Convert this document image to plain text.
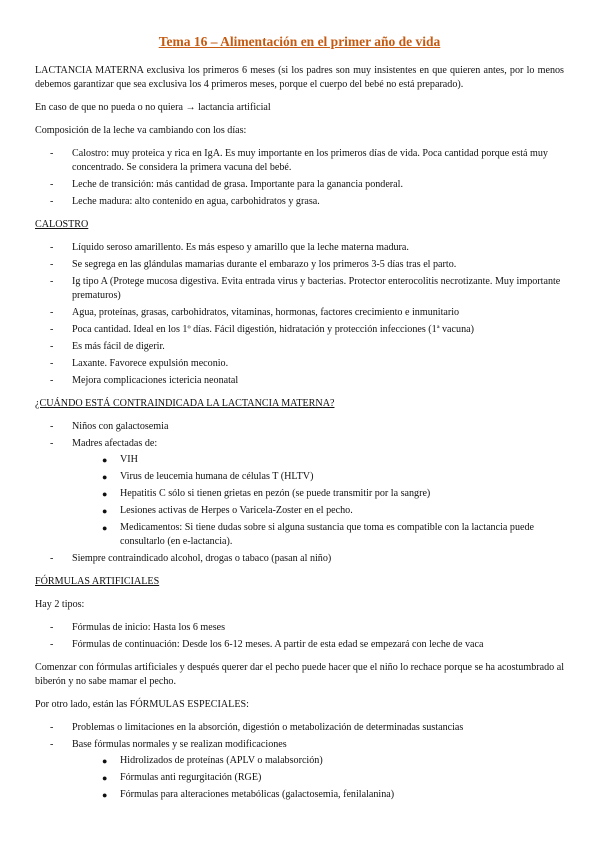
Tema 16 – Alimentación en el primer año de vida

LACTANCIA MATERNA exclusiva los primeros 6 meses (si los padres son muy insistentes en que quieren antes, por lo menos debemos garantizar que sea exclusiva los 4 primeros meses, porque el cuerpo del bebé no está preparado).

En caso de que no pueda o no quiera → lactancia artificial

Composición de la leche va cambiando con los días:

- Calostro: muy proteica y rica en IgA. Es muy importante en los primeros días de vida. Poca cantidad porque está muy concentrado. Se considera la primera vacuna del bebé.
- Leche de transición: más cantidad de grasa. Importante para la ganancia ponderal.
- Leche madura: alto contenido en agua, carbohidratos y grasa.
CALOSTRO
- Líquido seroso amarillento. Es más espeso y amarillo que la leche materna madura.
- Se segrega en las glándulas mamarias durante el embarazo y los primeros 3-5 días tras el parto.
- Ig tipo A (Protege mucosa digestiva. Evita entrada virus y bacterias. Protector enterocolitis necrotizante. Muy importante prematuros)
- Agua, proteínas, grasas, carbohidratos, vitaminas, hormonas, factores crecimiento e inmunitario
- Poca cantidad. Ideal en los 1º días. Fácil digestión, hidratación y protección infecciones (1ª vacuna)
- Es más fácil de digerir.
- Laxante. Favorece expulsión meconio.
- Mejora complicaciones ictericia neonatal
¿CUÁNDO ESTÁ CONTRAINDICADA LA LACTANCIA MATERNA?
- Niños con galactosemia
- Madres afectadas de:
● VIH
● Virus de leucemia humana de células T (HLTV)
● Hepatitis C sólo si tienen grietas en pezón (se puede transmitir por la sangre)
● Lesiones activas de Herpes o Varicela-Zoster en el pecho.
● Medicamentos: Si tiene dudas sobre si alguna sustancia que toma es compatible con la lactancia puede consultarlo (en e-lactancia).
- Siempre contraindicado alcohol, drogas o tabaco (pasan al niño)
FÓRMULAS ARTIFICIALES

Hay 2 tipos:

- Fórmulas de inicio: Hasta los 6 meses
- Fórmulas de continuación: Desde los 6-12 meses. A partir de esta edad se empezará con leche de vaca

Comenzar con fórmulas artificiales y después querer dar el pecho puede hacer que el niño lo rechace porque se ha acostumbrado al biberón y no sabe mamar el pecho.

Por otro lado, están las FÓRMULAS ESPECIALES:

- Problemas o limitaciones en la absorción, digestión o metabolización de determinadas sustancias
- Base fórmulas normales y se realizan modificaciones
● Hidrolizados de proteínas (APLV o malabsorción)
● Fórmulas anti regurgitación (RGE)
● Fórmulas para alteraciones metabólicas (galactosemia, fenilalanina)
